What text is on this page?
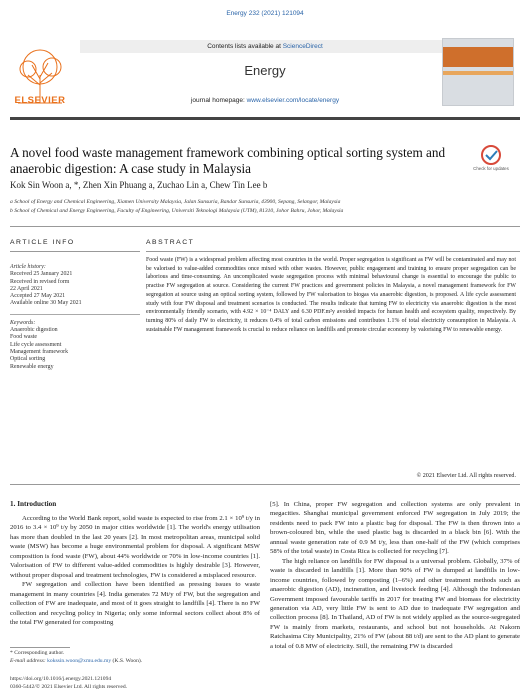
Energy 232 (2021) 121094
Contents lists available at ScienceDirect
ELSEVIER
Energy
journal homepage: www.elsevier.com/locate/energy
A novel food waste management framework combining optical sorting system and anaerobic digestion: A case study in Malaysia	Check for updates
Kok Sin Woon a, *, Zhen Xin Phuang a, Zuchao Lin a, Chew Tin Lee b
a School of Energy and Chemical Engineering, Xiamen University Malaysia, Jalan Sunsuria, Bandar Sunsuria, 43900, Sepang, Selangor, Malaysia
b School of Chemical and Energy Engineering, Faculty of Engineering, Universiti Teknologi Malaysia (UTM), 81310, Johor Bahru, Johor, Malaysia
ARTICLE INFO
Article history:
Received 25 January 2021
Received in revised form
22 April 2021
Accepted 27 May 2021
Available online 30 May 2021
Keywords:
Anaerobic digestion
Food waste
Life cycle assessment
Management framework
Optical sorting
Renewable energy
ABSTRACT
Food waste (FW) is a widespread problem affecting most countries in the world. Proper segregation is significant as FW will be contaminated and may not be valorised to value-added commodities once mixed with other wastes. However, public engagement and training to ensure proper segregation can be laborious and time-consuming. An uncomplicated waste segregation process with minimal behavioural change is essential to encourage the public to practise FW segregation at source. Considering the current FW practices and government policies in Malaysia, a novel management framework for FW segregation at source using an optical sorting system, followed by FW valorisation to biogas via anaerobic digestion, is proposed. A life cycle assessment study with four FW disposal and treatment scenarios is conducted. The results indicate that turning FW to electricity via anaerobic digestion is the most environmentally friendly scenario, with 4.92 × 10⁻⁴ DALY and 6.30 PDF.m²y avoided impacts for human health and ecosystem quality, respectively. By turning 80% of daily FW to electricity, it reduces 0.4% of total carbon emissions and contributes 1.1% of total electricity consumption in Malaysia. A sustainable FW management framework is crucial to reduce reliance on landfills and promote circular economy by valorising FW to renewable energy.
© 2021 Elsevier Ltd. All rights reserved.
1. Introduction

According to the World Bank report, solid waste is expected to rise from 2.1 × 10⁹ t/y in 2016 to 3.4 × 10⁹ t/y by 2050 in major cities worldwide [1]. The world's energy utilisation has more than doubled in the last 20 years [2]. In most metropolitan areas, municipal solid waste (MSW) has become a huge environmental problem for disposal. A significant MSW composition is food waste (FW), about 44% worldwide or 70% in low-income countries [1]. Valorisation of FW to different value-added commodities is highly desirable [3]. However, without proper disposal and treatment technologies, FW is considered a misplaced resource.

FW segregation and collection have been identified as pressing issues to waste management in many countries [4]. India generates 72 Mt/y of FW, but the segregation and collection of FW are inadequate, and most of it goes straight to landfills [4]. There is no FW collection and recycling policy in Nigeria; only some informal sectors collect about 8% of the total FW generated for composting

[5]. In China, proper FW segregation and collection systems are only prevalent in megacities. Shanghai municipal government enforced FW segregation in July 2019; the residents need to pack FW into a plastic bag for disposal. The FW is then thrown into a brown-coloured bin, while the used plastic bag is discarded in a black bin [6]. With the annual waste generation rate of 0.9 M t/y, less than one-half of the FW (which comprises 58% of the total waste) in Costa Rica is collected for recycling [7].

The high reliance on landfills for FW disposal is a universal problem. Globally, 37% of waste is discarded in landfills [1]. More than 90% of FW is dumped at landfills in low-income countries, followed by composting (1–6%) and other treatment methods such as anaerobic digestion (AD), incineration, and livestock feeding [4]. Although the Indonesian Government imposed favourable tariffs in 2017 for treating FW and biomass for electricity generation via AD, very little FW is sent to AD due to inadequate FW segregation and collection process [8]. In Thailand, AD of FW is not widely applied as the source-segregated FW is mainly from markets, restaurants, and school but not households. At Nakorn Ratchasima City Municipality, 21% of FW (about 88 t/d) are sent to the AD plant to generate a total of 0.8 MW of electricity. Still, the remaining FW is discarded

* Corresponding author.
E-mail address: kokssin.woon@xmu.edu.my (K.S. Woon).
https://doi.org/10.1016/j.energy.2021.121094
0360-5442/© 2021 Elsevier Ltd. All rights reserved.
